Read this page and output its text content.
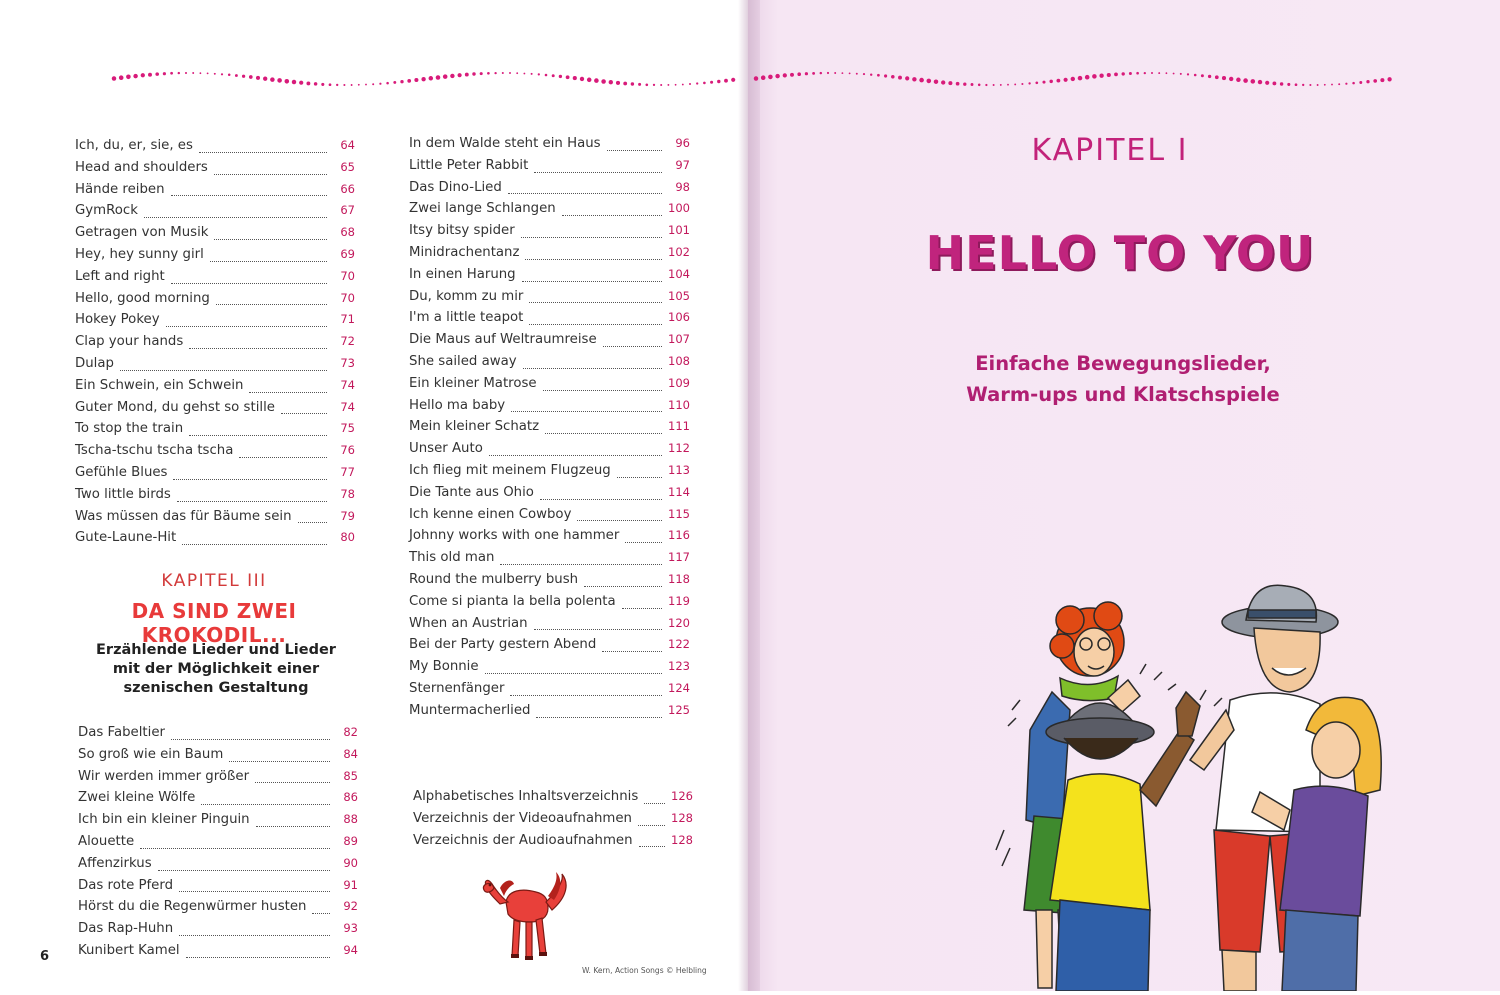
Ich, du, er, sie, es	64
Head and shoulders	65
Hände reiben	66
GymRock	67
Getragen von Musik	68
Hey, hey sunny girl	69
Left and right	70
Hello, good morning	70
Hokey Pokey	71
Clap your hands	72
Dulap	73
Ein Schwein, ein Schwein	74
Guter Mond, du gehst so stille	74
To stop the train	75
Tscha-tschu tscha tscha	76
Gefühle Blues	77
Two little birds	78
Was müssen das für Bäume sein	79
Gute-Laune-Hit	80
KAPITEL III
DA SIND ZWEI KROKODIL...
Erzählende Lieder und Lieder
mit der Möglichkeit einer
szenischen Gestaltung
Das Fabeltier	82
So groß wie ein Baum	84
Wir werden immer größer	85
Zwei kleine Wölfe	86
Ich bin ein kleiner Pinguin	88
Alouette	89
Affenzirkus	90
Das rote Pferd	91
Hörst du die Regenwürmer husten	92
Das Rap-Huhn	93
Kunibert Kamel	94
In dem Walde steht ein Haus	96
Little Peter Rabbit	97
Das Dino-Lied	98
Zwei lange Schlangen	100
Itsy bitsy spider	101
Minidrachentanz	102
In einen Harung	104
Du, komm zu mir	105
I'm a little teapot	106
Die Maus auf Weltraumreise	107
She sailed away	108
Ein kleiner Matrose	109
Hello ma baby	110
Mein kleiner Schatz	111
Unser Auto	112
Ich flieg mit meinem Flugzeug	113
Die Tante aus Ohio	114
Ich kenne einen Cowboy	115
Johnny works with one hammer	116
This old man	117
Round the mulberry bush	118
Come si pianta la bella polenta	119
When an Austrian	120
Bei der Party gestern Abend	122
My Bonnie	123
Sternenfänger	124
Muntermacherlied	125
Alphabetisches Inhaltsverzeichnis	126
Verzeichnis der Videoaufnahmen	128
Verzeichnis der Audioaufnahmen	128
6
W. Kern, Action Songs © Helbling
KAPITEL I
HELLO TO YOU
Einfache Bewegungslieder,
Warm-ups und Klatschspiele
